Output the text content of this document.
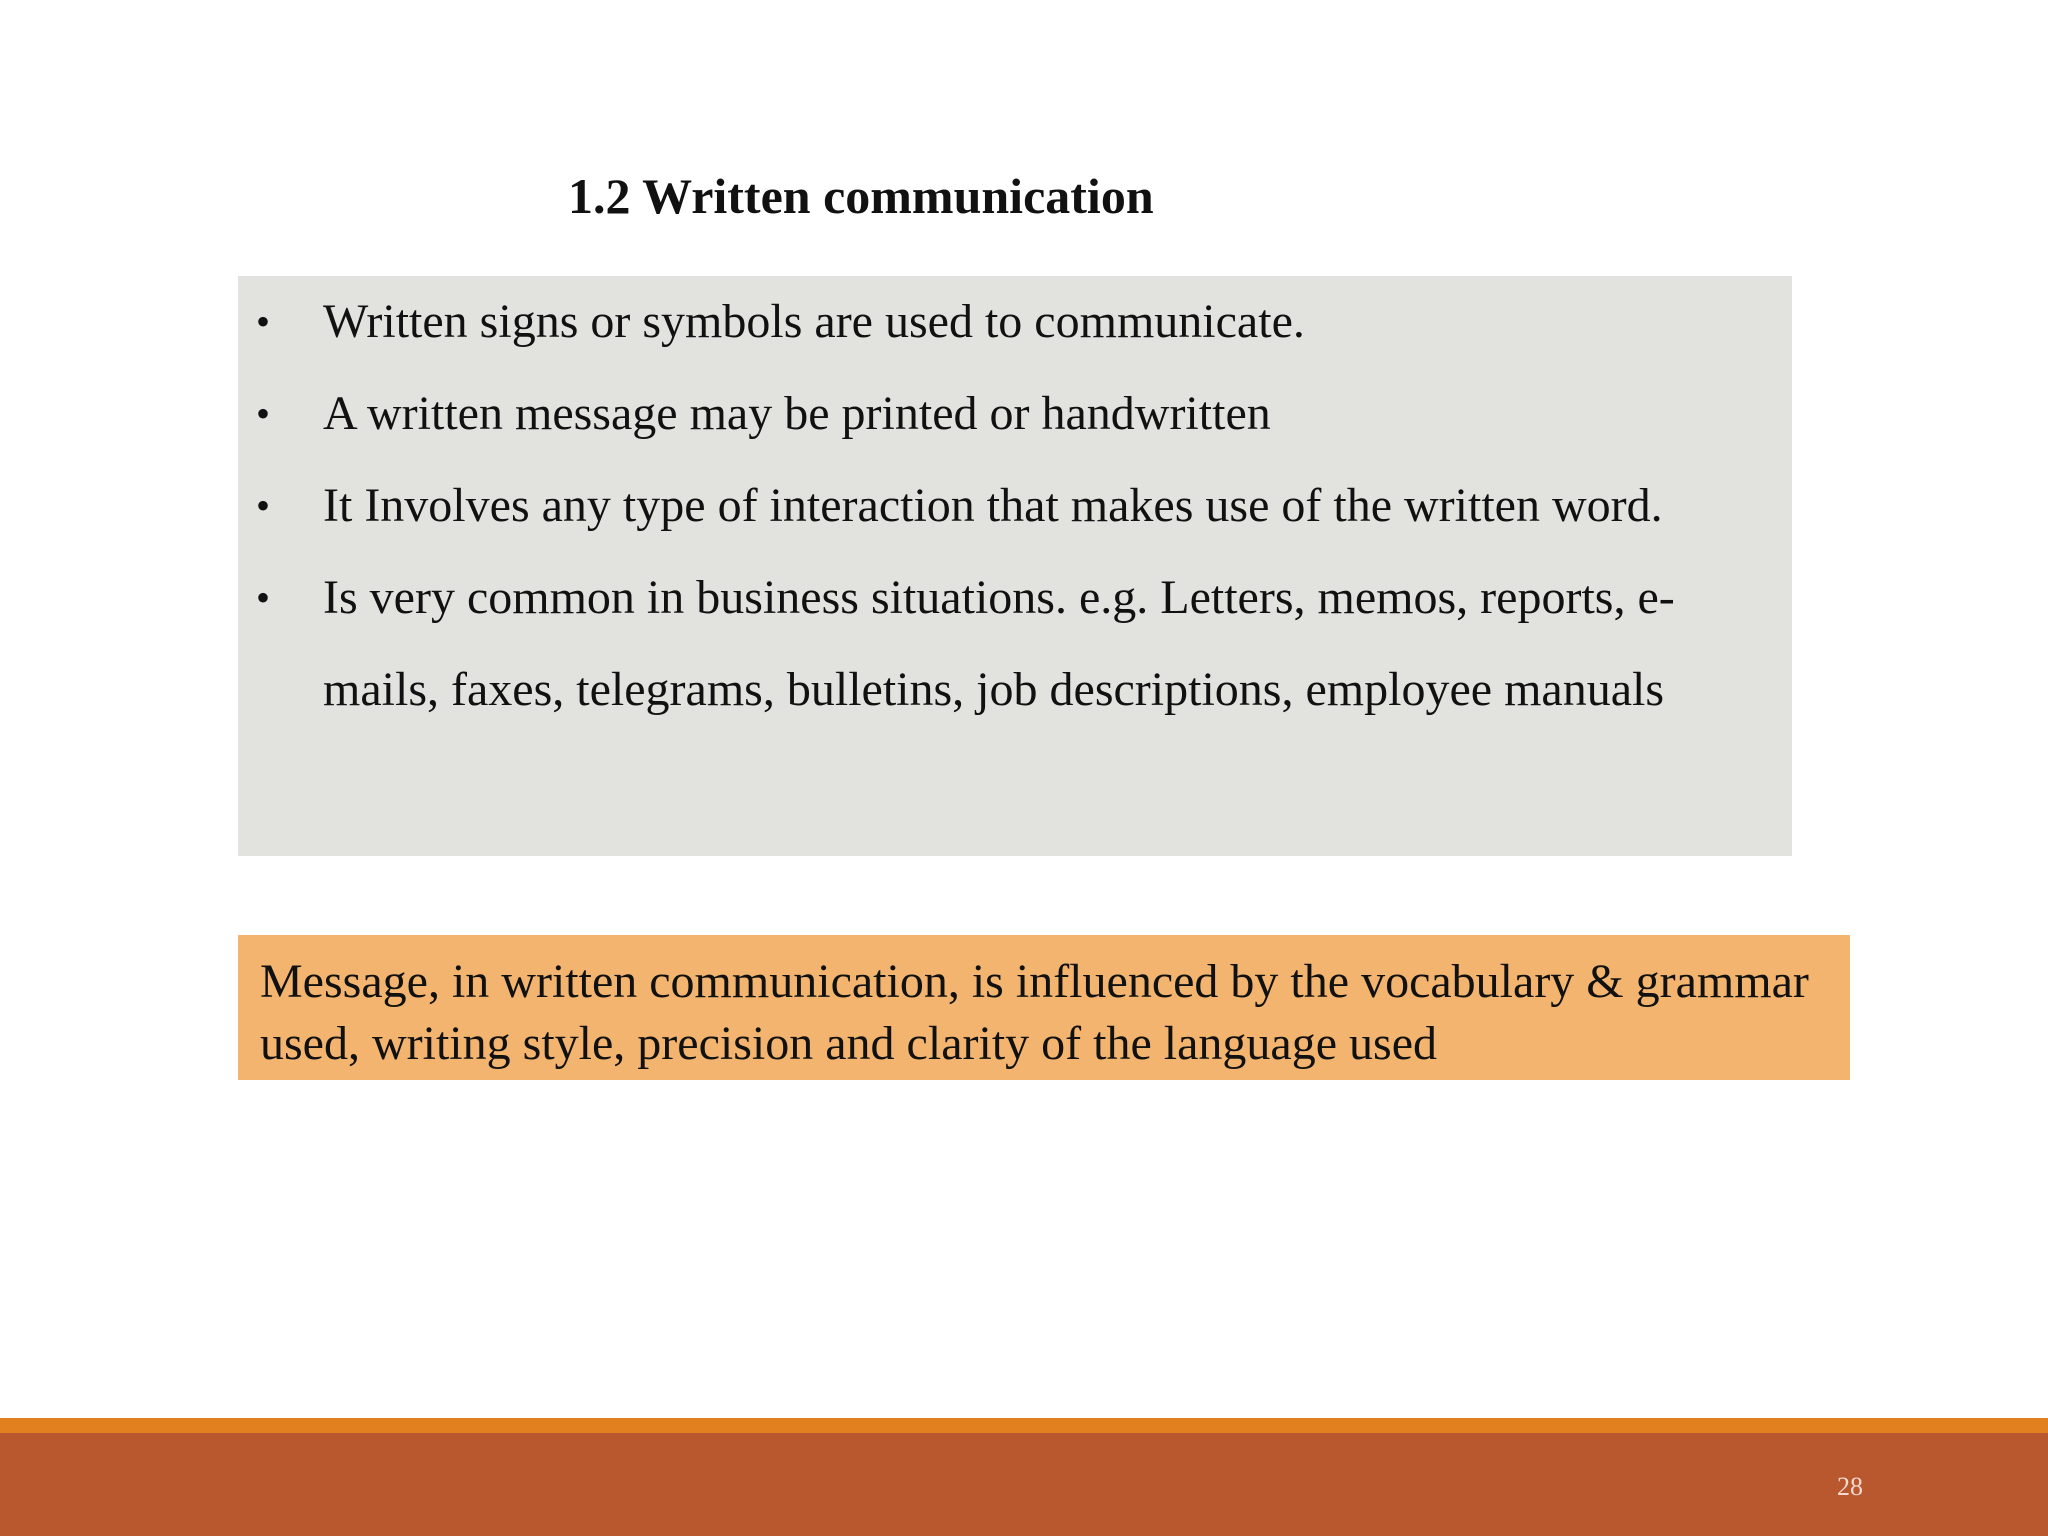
1.2 Written communication
•	Written signs or symbols are used to communicate.
•	A written message may be printed or handwritten
•	It Involves any type of interaction that makes use of the written word.
•	Is very common in business situations. e.g. Letters, memos, reports, e-mails, faxes, telegrams, bulletins, job descriptions, employee manuals
Message, in written communication, is influenced by the vocabulary & grammar used, writing style, precision and clarity of the language used
28
